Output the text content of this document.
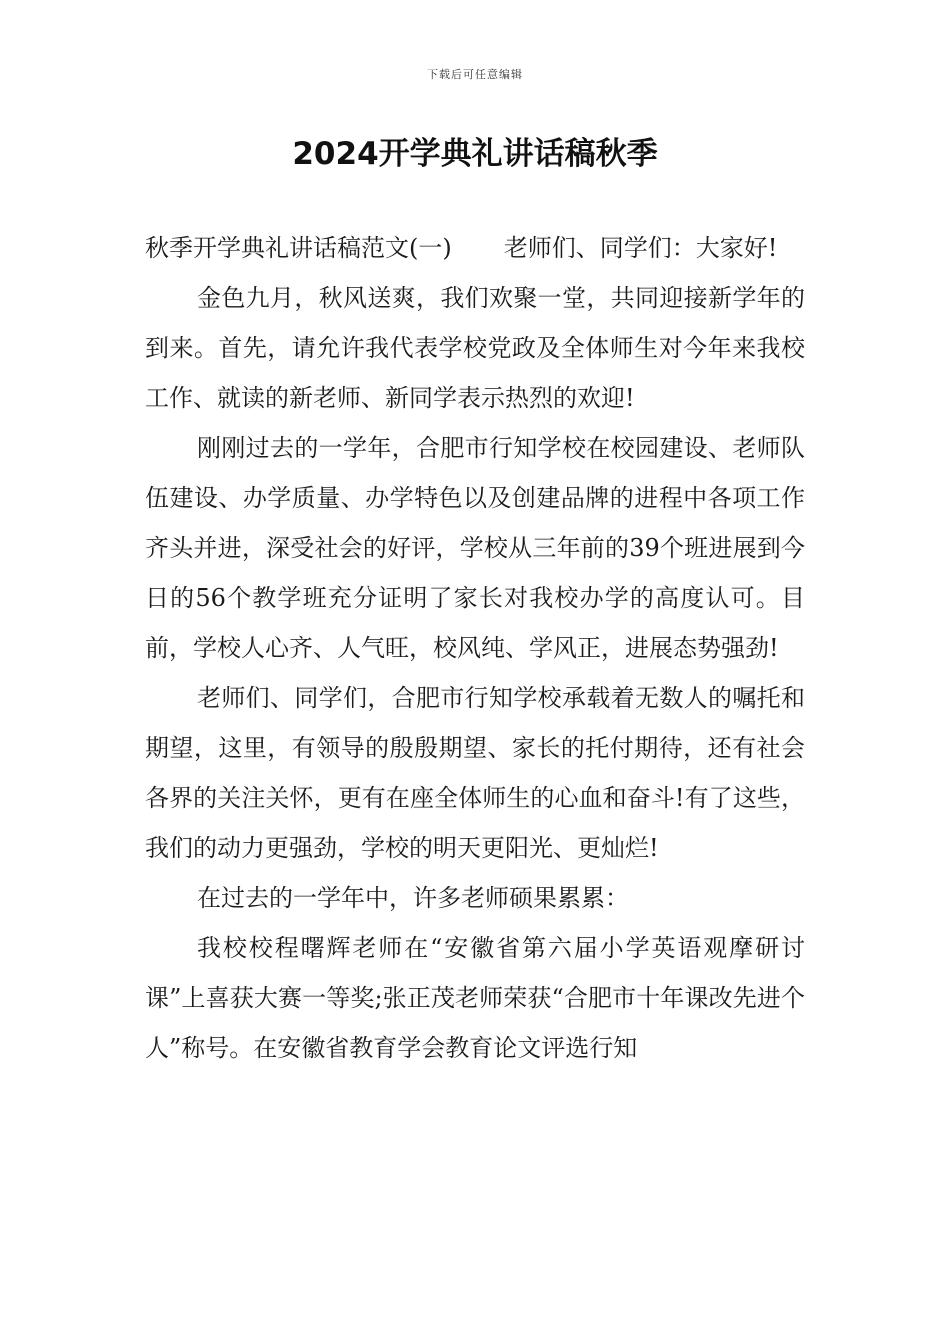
下载后可任意编辑
2024开学典礼讲话稿秋季

秋季开学典礼讲话稿范文(一) 老师们、同学们：大家好!

金色九月，秋风送爽，我们欢聚一堂，共同迎接新学年的到来。首先，请允许我代表学校党政及全体师生对今年来我校工作、就读的新老师、新同学表示热烈的欢迎!

刚刚过去的一学年，合肥市行知学校在校园建设、老师队伍建设、办学质量、办学特色以及创建品牌的进程中各项工作齐头并进，深受社会的好评，学校从三年前的39个班进展到今日的56个教学班充分证明了家长对我校办学的高度认可。目前，学校人心齐、人气旺，校风纯、学风正，进展态势强劲!

老师们、同学们，合肥市行知学校承载着无数人的嘱托和期望，这里，有领导的殷殷期望、家长的托付期待，还有社会各界的关注关怀，更有在座全体师生的心血和奋斗!有了这些，我们的动力更强劲，学校的明天更阳光、更灿烂!

在过去的一学年中，许多老师硕果累累：

我校校程曙辉老师在“安徽省第六届小学英语观摩研讨课”上喜获大赛一等奖;张正茂老师荣获“合肥市十年课改先进个人”称号。在安徽省教育学会教育论文评选行知
